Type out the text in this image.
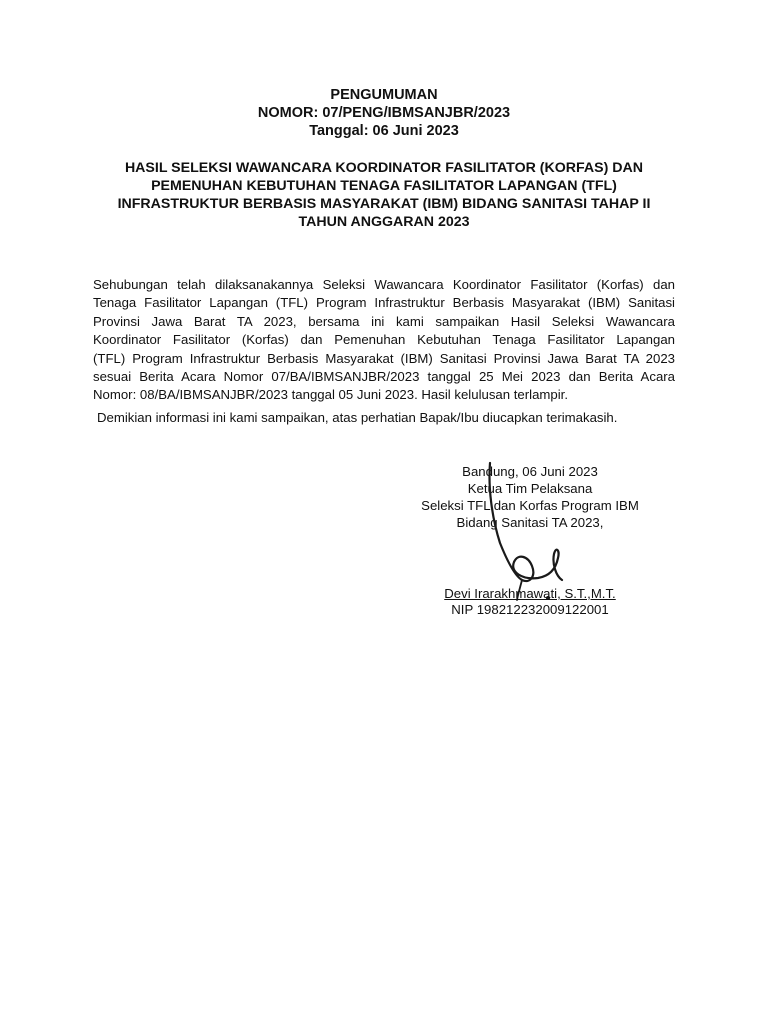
PENGUMUMAN
NOMOR: 07/PENG/IBMSANJBR/2023
Tanggal: 06 Juni 2023
HASIL SELEKSI WAWANCARA KOORDINATOR FASILITATOR (KORFAS) DAN
PEMENUHAN KEBUTUHAN TENAGA FASILITATOR LAPANGAN (TFL)
INFRASTRUKTUR BERBASIS MASYARAKAT (IBM) BIDANG SANITASI TAHAP II
TAHUN ANGGARAN 2023
Sehubungan telah dilaksanakannya Seleksi Wawancara Koordinator Fasilitator (Korfas) dan
Tenaga Fasilitator Lapangan (TFL) Program Infrastruktur Berbasis Masyarakat (IBM) Sanitasi
Provinsi Jawa Barat TA 2023, bersama ini kami sampaikan Hasil Seleksi Wawancara
Koordinator Fasilitator (Korfas) dan Pemenuhan Kebutuhan Tenaga Fasilitator Lapangan
(TFL) Program Infrastruktur Berbasis Masyarakat (IBM) Sanitasi Provinsi Jawa Barat TA 2023
sesuai Berita Acara Nomor 07/BA/IBMSANJBR/2023 tanggal 25 Mei 2023 dan Berita Acara
Nomor: 08/BA/IBMSANJBR/2023 tanggal 05 Juni 2023. Hasil kelulusan terlampir.
Demikian informasi ini kami sampaikan, atas perhatian Bapak/Ibu diucapkan terimakasih.
Bandung, 06 Juni 2023
Ketua Tim Pelaksana
Seleksi TFL dan Korfas Program IBM
Bidang Sanitasi TA 2023,
Devi Irarakhmawati, S.T.,M.T.
NIP 198212232009122001
